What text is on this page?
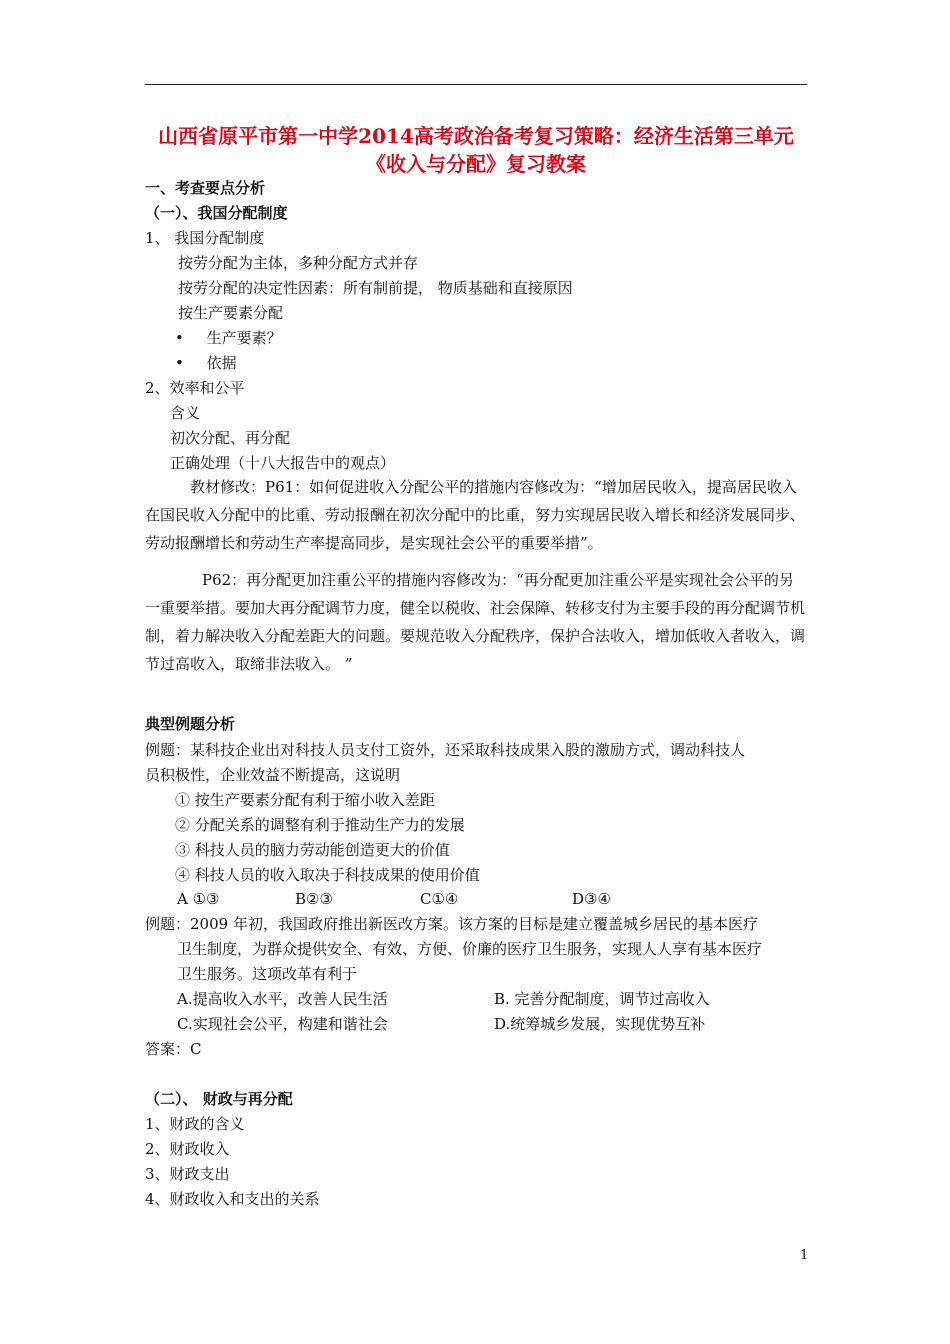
山西省原平市第一中学2014高考政治备考复习策略：经济生活第三单元《收入与分配》复习教案
一、考查要点分析
（一）、我国分配制度
1、 我国分配制度
按劳分配为主体，多种分配方式并存
按劳分配的决定性因素：所有制前提， 物质基础和直接原因
按生产要素分配
• 生产要素？
• 依据
2、效率和公平
含义
初次分配、再分配
正确处理（十八大报告中的观点）
教材修改：P61：如何促进收入分配公平的措施内容修改为：“增加居民收入，提高居民收入在国民收入分配中的比重、劳动报酬在初次分配中的比重，努力实现居民收入增长和经济发展同步、劳动报酬增长和劳动生产率提高同步，是实现社会公平的重要举措”。
P62：再分配更加注重公平的措施内容修改为：“再分配更加注重公平是实现社会公平的另一重要举措。要加大再分配调节力度，健全以税收、社会保障、转移支付为主要手段的再分配调节机制，着力解决收入分配差距大的问题。要规范收入分配秩序，保护合法收入，增加低收入者收入，调节过高收入，取缔非法收入。 ”
典型例题分析
例题：某科技企业出对科技人员支付工资外，还采取科技成果入股的激励方式，调动科技人
员积极性，企业效益不断提高，这说明
① 按生产要素分配有利于缩小收入差距
② 分配关系的调整有利于推动生产力的发展
③ 科技人员的脑力劳动能创造更大的价值
④ 科技人员的收入取决于科技成果的使用价值
A ①③	B②③	C①④	D③④
例题：2009 年初，我国政府推出新医改方案。该方案的目标是建立覆盖城乡居民的基本医疗
卫生制度，为群众提供安全、有效、方便、价廉的医疗卫生服务，实现人人享有基本医疗
卫生服务。这项改革有利于
A.提高收入水平，改善人民生活	B. 完善分配制度，调节过高收入
C.实现社会公平，构建和谐社会	D.统筹城乡发展，实现优势互补
答案：C
（二）、 财政与再分配
1、财政的含义
2、财政收入
3、财政支出
4、财政收入和支出的关系
1
